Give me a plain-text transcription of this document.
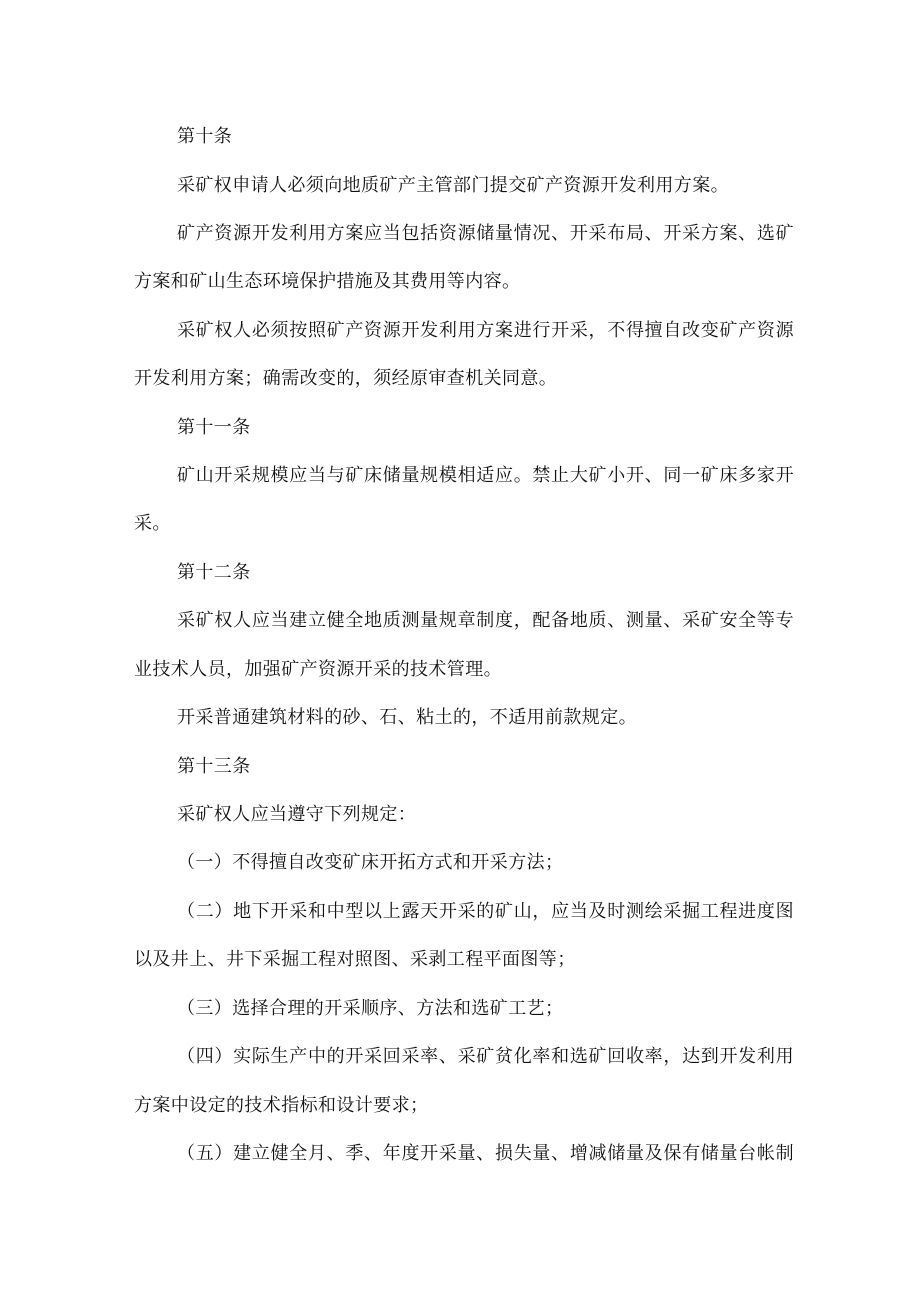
第十条
采矿权申请人必须向地质矿产主管部门提交矿产资源开发利用方案。
矿产资源开发利用方案应当包括资源储量情况、开采布局、开采方案、选矿
方案和矿山生态环境保护措施及其费用等内容。
采矿权人必须按照矿产资源开发利用方案进行开采，不得擅自改变矿产资源
开发利用方案；确需改变的，须经原审查机关同意。
第十一条
矿山开采规模应当与矿床储量规模相适应。禁止大矿小开、同一矿床多家开
采。
第十二条
采矿权人应当建立健全地质测量规章制度，配备地质、测量、采矿安全等专
业技术人员，加强矿产资源开采的技术管理。
开采普通建筑材料的砂、石、粘土的，不适用前款规定。
第十三条
采矿权人应当遵守下列规定：
（一）不得擅自改变矿床开拓方式和开采方法；
（二）地下开采和中型以上露天开采的矿山，应当及时测绘采掘工程进度图
以及井上、井下采掘工程对照图、采剥工程平面图等；
（三）选择合理的开采顺序、方法和选矿工艺；
（四）实际生产中的开采回采率、采矿贫化率和选矿回收率，达到开发利用
方案中设定的技术指标和设计要求；
（五）建立健全月、季、年度开采量、损失量、增减储量及保有储量台帐制
